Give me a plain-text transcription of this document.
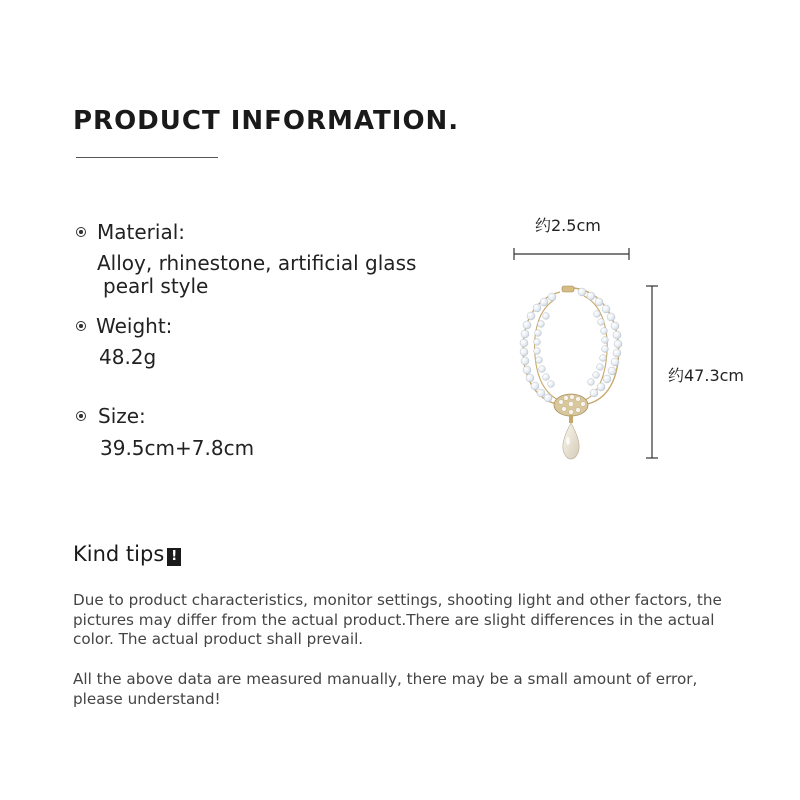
PRODUCT INFORMATION.
Material:
Alloy, rhinestone, artificial glass
pearl style
Weight:
48.2g
Size:
39.5cm+7.8cm
约2.5cm
约47.3cm
Kind tips !
Due to product characteristics, monitor settings, shooting light and other factors, the pictures may differ from the actual product.There are slight differences in the actual color. The actual product shall prevail.
All the above data are measured manually, there may be a small amount of error, please understand!
